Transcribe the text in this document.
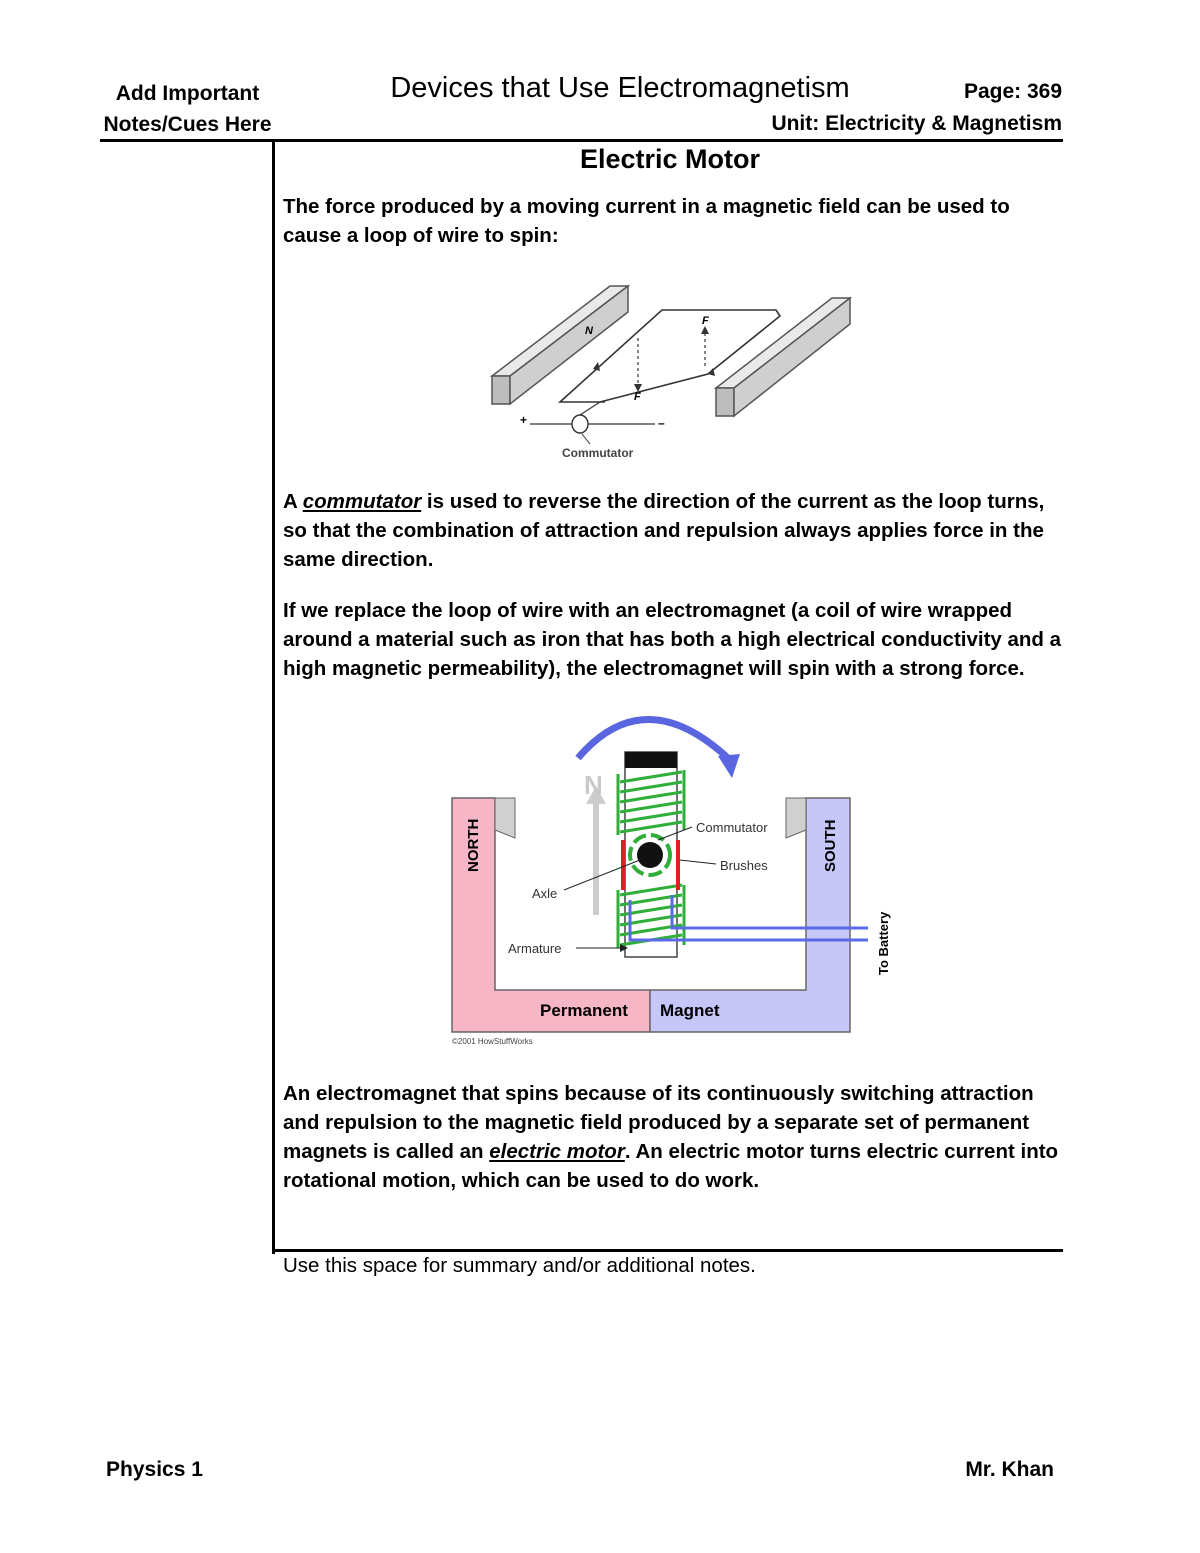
Add Important
Notes/Cues Here
Devices that Use Electromagnetism	Page: 369
Unit: Electricity & Magnetism
Electric Motor
The force produced by a moving current in a magnetic field can be used to cause a loop of wire to spin:
N
F
F
+	–
Commutator
A commutator is used to reverse the direction of the current as the loop turns, so that the combination of attraction and repulsion always applies force in the same direction.
If we replace the loop of wire with an electromagnet (a coil of wire wrapped around a material such as iron that has both a high electrical conductivity and a high magnetic permeability), the electromagnet will spin with a strong force.
NORTH	SOUTH
N
To Battery
Commutator
Brushes
Axle
Armature
Permanent Magnet
©2001 HowStuffWorks
An electromagnet that spins because of its continuously switching attraction and repulsion to the magnetic field produced by a separate set of permanent magnets is called an electric motor. An electric motor turns electric current into rotational motion, which can be used to do work.
Use this space for summary and/or additional notes.
Physics 1	Mr. Khan
